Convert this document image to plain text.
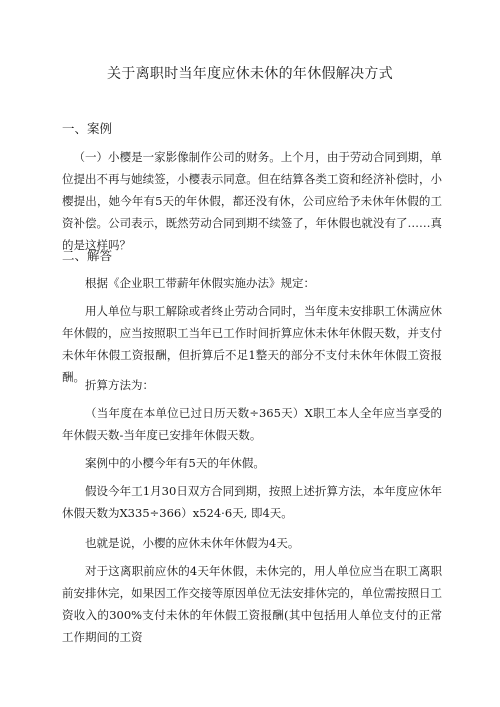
关于离职时当年度应休未休的年休假解决方式
一、案例

（一）小樱是一家影像制作公司的财务。上个月，由于劳动合同到期，单位提出不再与她续签，小樱表示同意。但在结算各类工资和经济补偿时，小樱提出，她今年有5天的年休假，都还没有休，公司应给予未休年休假的工资补偿。公司表示，既然劳动合同到期不续签了，年休假也就没有了……真的是这样吗？

二、解答

根据《企业职工带薪年休假实施办法》规定：

用人单位与职工解除或者终止劳动合同时，当年度未安排职工休满应休年休假的，应当按照职工当年已工作时间折算应休未休年休假天数，并支付未休年休假工资报酬，但折算后不足1整天的部分不支付未休年休假工资报酬。

折算方法为：

（当年度在本单位已过日历天数÷365天）X职工本人全年应当享受的年休假天数-当年度已安排年休假天数。

案例中的小樱今年有5天的年休假。

假设今年工1月30日双方合同到期，按照上述折算方法，本年度应休年休假天数为X335÷366）x524·6天, 即4天。

也就是说，小樱的应休未休年休假为4天。

对于这离职前应休的4天年休假，未休完的，用人单位应当在职工离职前安排休完，如果因工作交接等原因单位无法安排休完的，单位需按照日工资收入的300%支付未休的年休假工资报酬(其中包括用人单位支付的正常工作期间的工资
